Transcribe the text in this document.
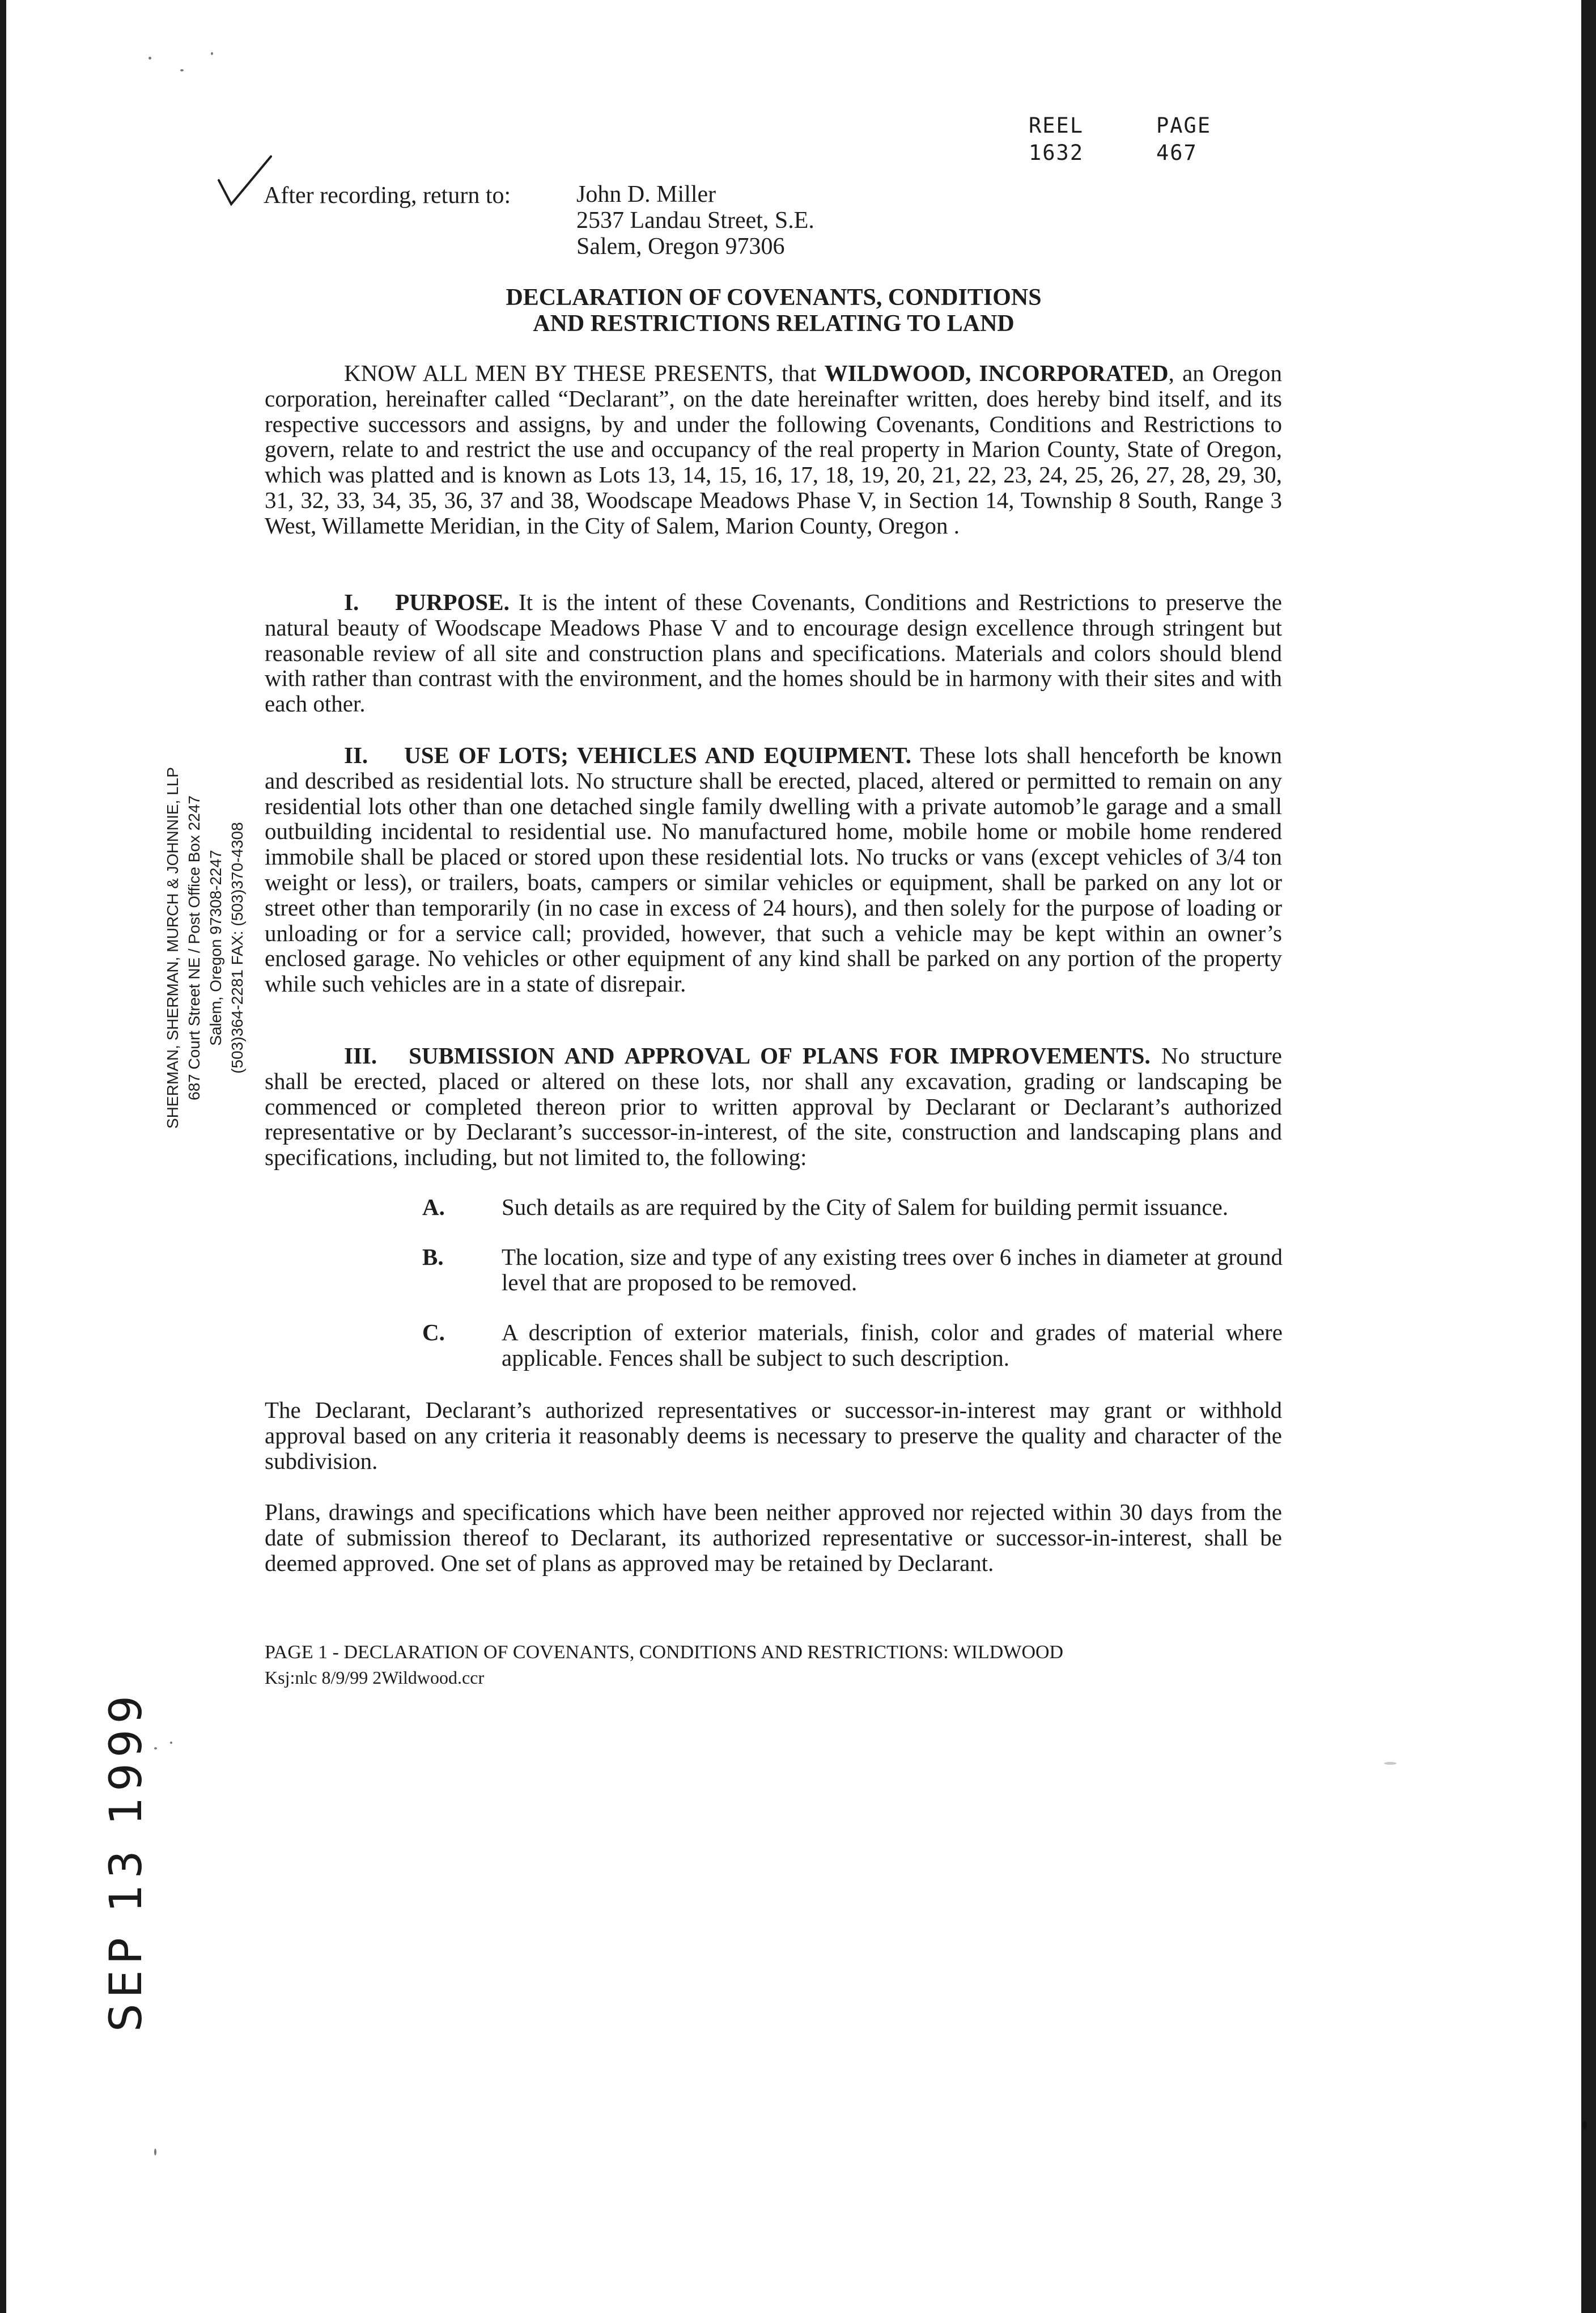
REEL	PAGE
1632	467
After recording, return to:	John D. Miller
2537 Landau Street, S.E.
Salem, Oregon 97306
DECLARATION OF COVENANTS, CONDITIONS
AND RESTRICTIONS RELATING TO LAND

KNOW ALL MEN BY THESE PRESENTS, that WILDWOOD, INCORPORATED, an Oregon corporation, hereinafter called “Declarant”, on the date hereinafter written, does hereby bind itself, and its respective successors and assigns, by and under the following Covenants, Conditions and Restrictions to govern, relate to and restrict the use and occupancy of the real property in Marion County, State of Oregon, which was platted and is known as Lots 13, 14, 15, 16, 17, 18, 19, 20, 21, 22, 23, 24, 25, 26, 27, 28, 29, 30, 31, 32, 33, 34, 35, 36, 37 and 38, Woodscape Meadows Phase V, in Section 14, Township 8 South, Range 3 West, Willamette Meridian, in the City of Salem, Marion County, Oregon .

I. PURPOSE. It is the intent of these Covenants, Conditions and Restrictions to preserve the natural beauty of Woodscape Meadows Phase V and to encourage design excellence through stringent but reasonable review of all site and construction plans and specifications. Materials and colors should blend with rather than contrast with the environment, and the homes should be in harmony with their sites and with each other.

II. USE OF LOTS; VEHICLES AND EQUIPMENT. These lots shall henceforth be known and described as residential lots. No structure shall be erected, placed, altered or permitted to remain on any residential lots other than one detached single family dwelling with a private automob’le garage and a small outbuilding incidental to residential use. No manufactured home, mobile home or mobile home rendered immobile shall be placed or stored upon these residential lots. No trucks or vans (except vehicles of 3/4 ton weight or less), or trailers, boats, campers or similar vehicles or equipment, shall be parked on any lot or street other than temporarily (in no case in excess of 24 hours), and then solely for the purpose of loading or unloading or for a service call; provided, however, that such a vehicle may be kept within an owner’s enclosed garage. No vehicles or other equipment of any kind shall be parked on any portion of the property while such vehicles are in a state of disrepair.

III. SUBMISSION AND APPROVAL OF PLANS FOR IMPROVEMENTS. No structure shall be erected, placed or altered on these lots, nor shall any excavation, grading or landscaping be commenced or completed thereon prior to written approval by Declarant or Declarant’s authorized representative or by Declarant’s successor-in-interest, of the site, construction and landscaping plans and specifications, including, but not limited to, the following:

A. Such details as are required by the City of Salem for building permit issuance.
B. The location, size and type of any existing trees over 6 inches in diameter at ground level that are proposed to be removed.
C. A description of exterior materials, finish, color and grades of material where applicable. Fences shall be subject to such description.

The Declarant, Declarant’s authorized representatives or successor-in-interest may grant or withhold approval based on any criteria it reasonably deems is necessary to preserve the quality and character of the subdivision.

Plans, drawings and specifications which have been neither approved nor rejected within 30 days from the date of submission thereof to Declarant, its authorized representative or successor-in-interest, shall be deemed approved. One set of plans as approved may be retained by Declarant.

PAGE 1 - DECLARATION OF COVENANTS, CONDITIONS AND RESTRICTIONS: WILDWOOD
Ksj:nlc 8/9/99 2Wildwood.ccr
SHERMAN, SHERMAN, MURCH & JOHNNIE, LLP 687 Court Street NE / Post Office Box 2247 Salem, Oregon 97308-2247 (503)364-2281 FAX: (503)370-4308
SEP 13 1999
